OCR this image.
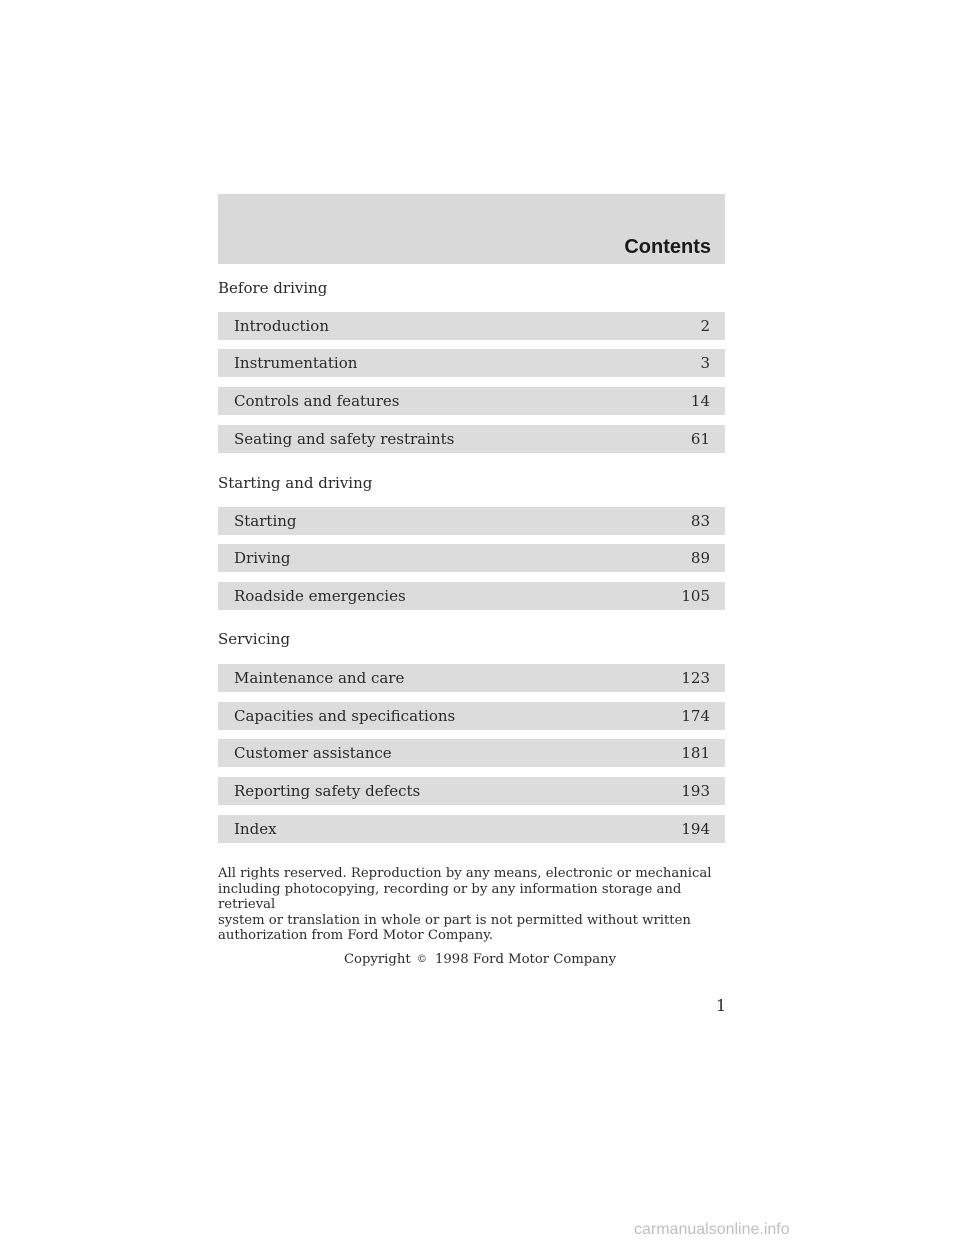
Contents
Before driving
Introduction	2
Instrumentation	3
Controls and features	14
Seating and safety restraints	61
Starting and driving
Starting	83
Driving	89
Roadside emergencies	105
Servicing
Maintenance and care	123
Capacities and specifications	174
Customer assistance	181
Reporting safety defects	193
Index	194
All rights reserved. Reproduction by any means, electronic or mechanical
including photocopying, recording or by any information storage and retrieval
system or translation in whole or part is not permitted without written
authorization from Ford Motor Company.
Copyright © 1998 Ford Motor Company
1
carmanualsonline.info
